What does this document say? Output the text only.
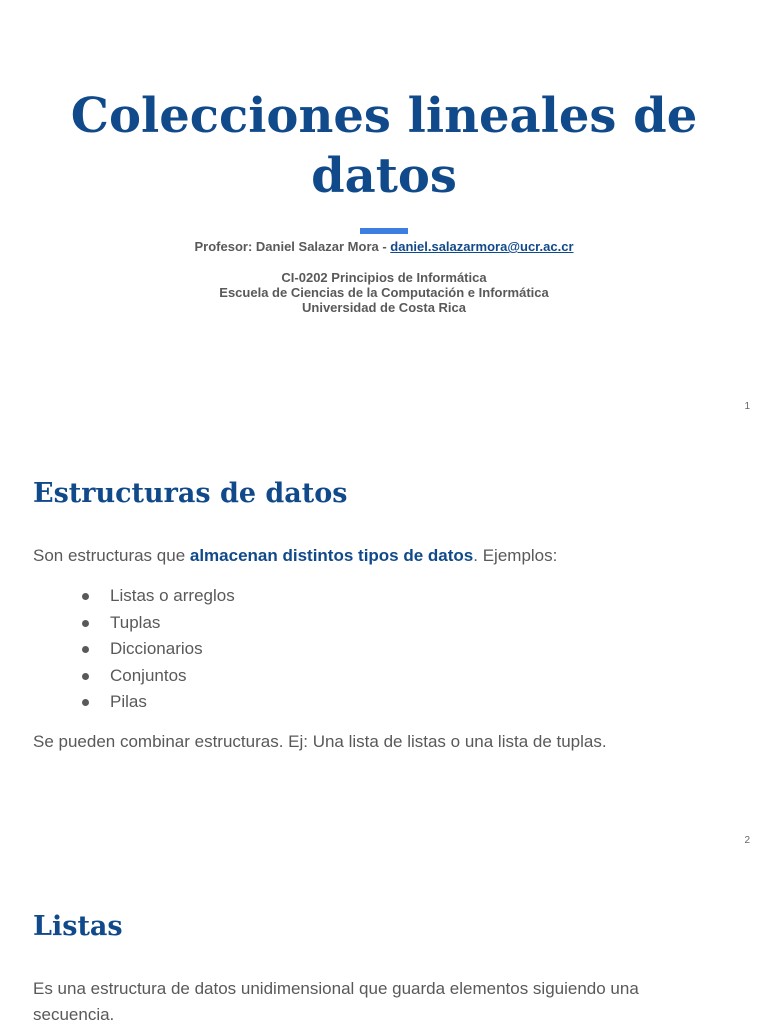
Colecciones lineales de datos
Profesor: Daniel Salazar Mora - daniel.salazarmora@ucr.ac.cr
CI-0202 Principios de Informática
Escuela de Ciencias de la Computación e Informática
Universidad de Costa Rica
1
Estructuras de datos

Son estructuras que almacenan distintos tipos de datos. Ejemplos:

Listas o arreglos
Tuplas
Diccionarios
Conjuntos
Pilas

Se pueden combinar estructuras. Ej: Una lista de listas o una lista de tuplas.

2
Listas

Es una estructura de datos unidimensional que guarda elementos siguiendo una secuencia.
